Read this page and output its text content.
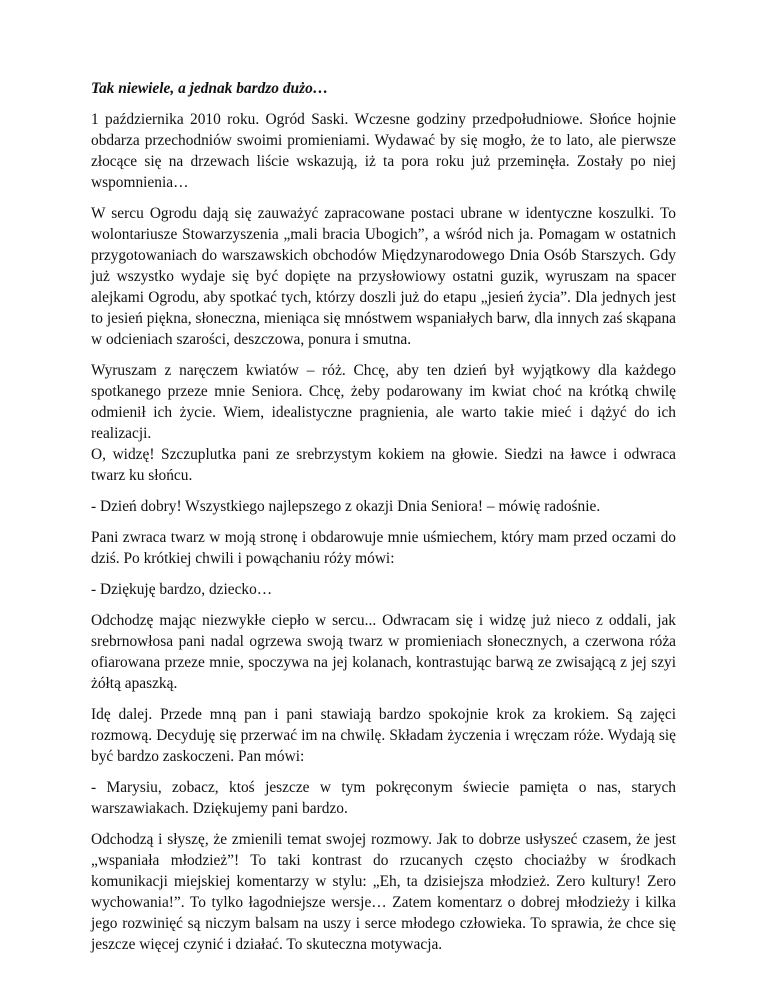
Tak niewiele, a jednak bardzo dużo…

1 października 2010 roku. Ogród Saski. Wczesne godziny przedpołudniowe. Słońce hojnie obdarza przechodniów swoimi promieniami. Wydawać by się mogło, że to lato, ale pierwsze złocące się na drzewach liście wskazują, iż ta pora roku już przeminęła. Zostały po niej wspomnienia…

W sercu Ogrodu dają się zauważyć zapracowane postaci ubrane w identyczne koszulki. To wolontariusze Stowarzyszenia „mali bracia Ubogich”, a wśród nich ja. Pomagam w ostatnich przygotowaniach do warszawskich obchodów Międzynarodowego Dnia Osób Starszych. Gdy już wszystko wydaje się być dopięte na przysłowiowy ostatni guzik, wyruszam na spacer alejkami Ogrodu, aby spotkać tych, którzy doszli już do etapu „jesień życia”. Dla jednych jest to jesień piękna, słoneczna, mieniąca się mnóstwem wspaniałych barw, dla innych zaś skąpana w odcieniach szarości, deszczowa, ponura i smutna.

Wyruszam z naręczem kwiatów – róż. Chcę, aby ten dzień był wyjątkowy dla każdego spotkanego przeze mnie Seniora. Chcę, żeby podarowany im kwiat choć na krótką chwilę odmienił ich życie. Wiem, idealistyczne pragnienia, ale warto takie mieć i dążyć do ich realizacji.
O, widzę! Szczuplutka pani ze srebrzystym kokiem na głowie. Siedzi na ławce i odwraca twarz ku słońcu.

- Dzień dobry! Wszystkiego najlepszego z okazji Dnia Seniora! – mówię radośnie.

Pani zwraca twarz w moją stronę i obdarowuje mnie uśmiechem, który mam przed oczami do dziś. Po krótkiej chwili i powąchaniu róży mówi:

- Dziękuję bardzo, dziecko…

Odchodzę mając niezwykłe ciepło w sercu... Odwracam się i widzę już nieco z oddali, jak srebrnowłosa pani nadal ogrzewa swoją twarz w promieniach słonecznych, a czerwona róża ofiarowana przeze mnie, spoczywa na jej kolanach, kontrastując barwą ze zwisającą z jej szyi żółtą apaszką.

Idę dalej. Przede mną pan i pani stawiają bardzo spokojnie krok za krokiem. Są zajęci rozmową. Decyduję się przerwać im na chwilę. Składam życzenia i wręczam róże. Wydają się być bardzo zaskoczeni. Pan mówi:

- Marysiu, zobacz, ktoś jeszcze w tym pokręconym świecie pamięta o nas, starych warszawiakach. Dziękujemy pani bardzo.

Odchodzą i słyszę, że zmienili temat swojej rozmowy. Jak to dobrze usłyszeć czasem, że jest „wspaniała młodzież”! To taki kontrast do rzucanych często chociażby w środkach komunikacji miejskiej komentarzy w stylu: „Eh, ta dzisiejsza młodzież. Zero kultury! Zero wychowania!”. To tylko łagodniejsze wersje… Zatem komentarz o dobrej młodzieży i kilka jego rozwinięć są niczym balsam na uszy i serce młodego człowieka. To sprawia, że chce się jeszcze więcej czynić i działać. To skuteczna motywacja.
